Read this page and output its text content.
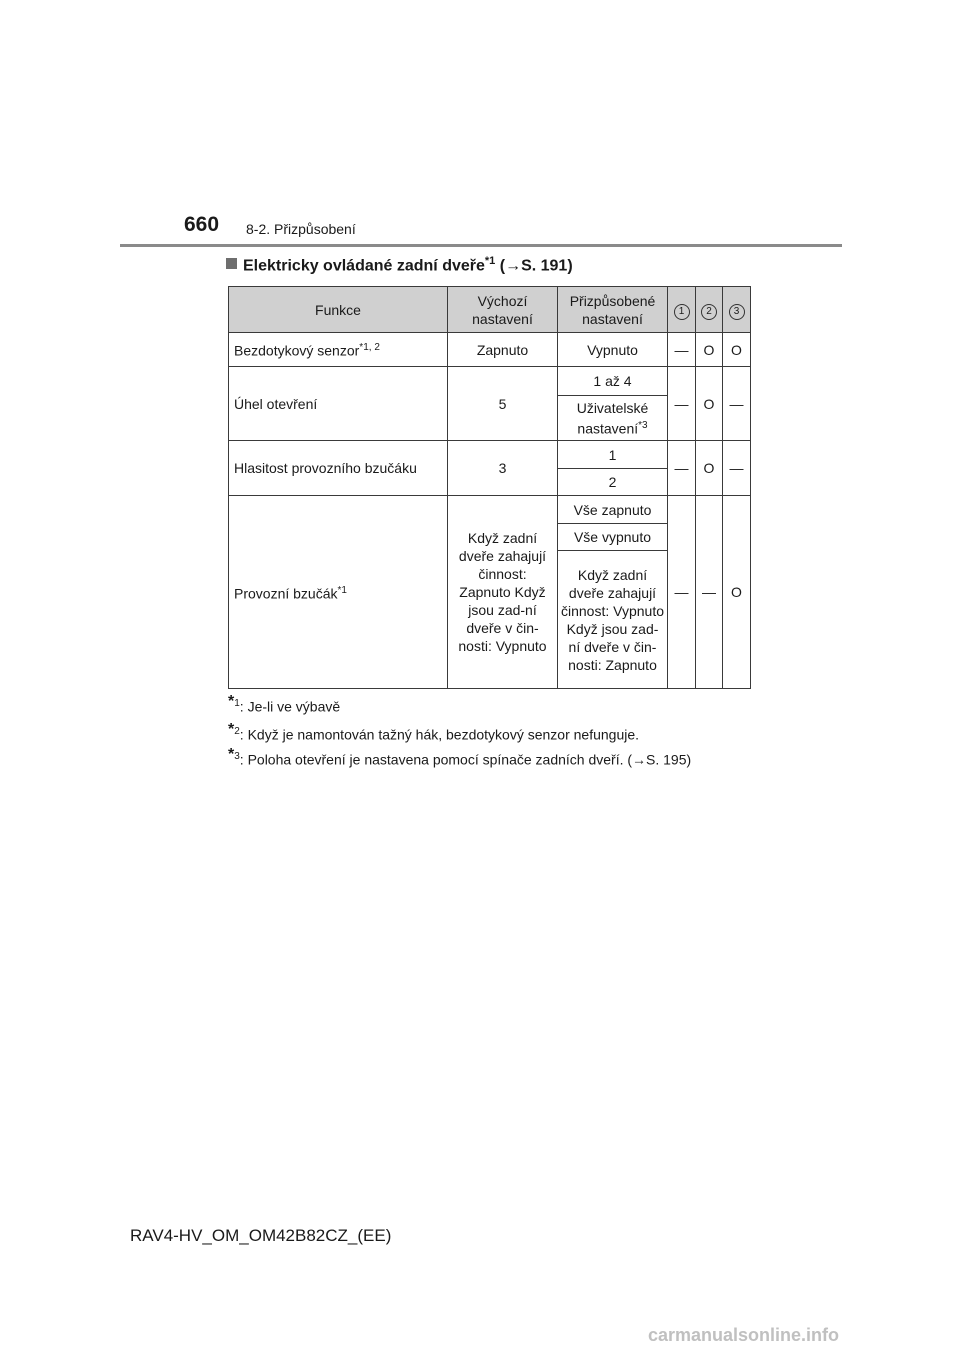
660 8-2. Přizpůsobení
Elektricky ovládané zadní dveře$^{*1}$ (→S. 191)
Funkce	Výchozí nastavení	Přizpůsobené nastavení	1	2	3
Bezdotykový senzor$^{*1, 2}$	Zapnuto	Vypnuto	—	O	O
Úhel otevření	5	1 až 4	—	O	—
		Uživatelské nastavení$^{*3}$
Hlasitost provozního bzučáku	3	1	—	O	—
		2			
Provozní bzučák$^{*1}$	Když zadní dveře zahajují činnost: Zapnuto Když jsou zad-ní dveře v čin-nosti: Vypnuto	Vše zapnuto	—	—	O
		Vše vypnuto			
		Když zadní dveře zahajují činnost: Vypnuto Když jsou zad-ní dveře v čin-nosti: Zapnuto			
$^{*1}$: Je-li ve výbavě
$^{*2}$: Když je namontován tažný hák, bezdotykový senzor nefunguje.
$^{*3}$: Poloha otevření je nastavena pomocí spínače zadních dveří. (→S. 195)
RAV4-HV_OM_OM42B82CZ_(EE)
carmanualsonline.info
